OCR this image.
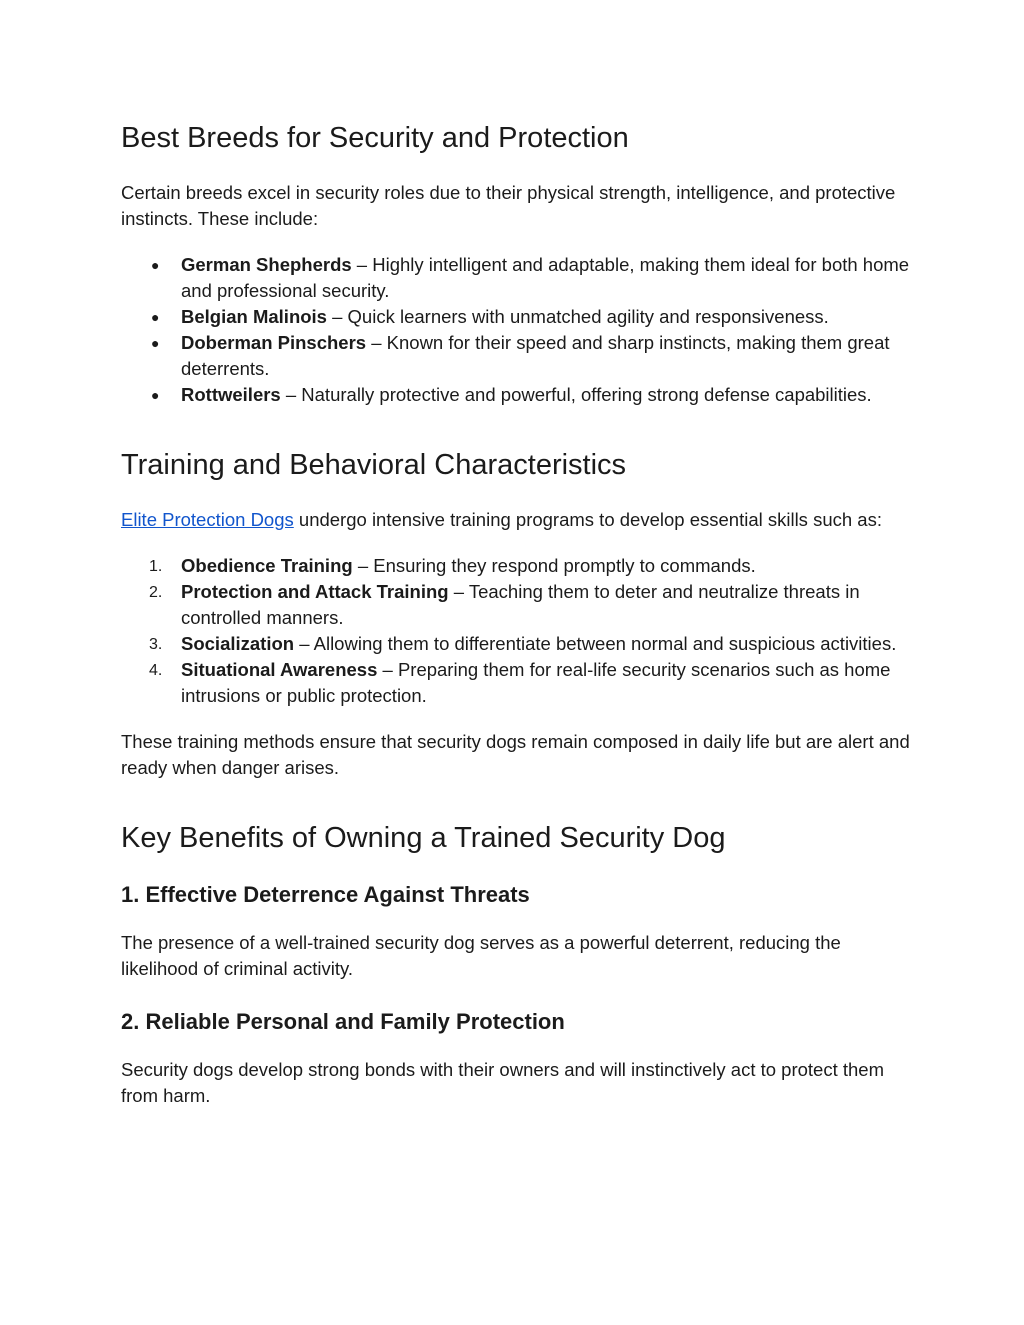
Best Breeds for Security and Protection

Certain breeds excel in security roles due to their physical strength, intelligence, and protective instincts. These include:

● German Shepherds – Highly intelligent and adaptable, making them ideal for both home and professional security.
● Belgian Malinois – Quick learners with unmatched agility and responsiveness.
● Doberman Pinschers – Known for their speed and sharp instincts, making them great deterrents.
● Rottweilers – Naturally protective and powerful, offering strong defense capabilities.
Training and Behavioral Characteristics

Elite Protection Dogs undergo intensive training programs to develop essential skills such as:

1. Obedience Training – Ensuring they respond promptly to commands.
2. Protection and Attack Training – Teaching them to deter and neutralize threats in controlled manners.
3. Socialization – Allowing them to differentiate between normal and suspicious activities.
4. Situational Awareness – Preparing them for real-life security scenarios such as home intrusions or public protection.

These training methods ensure that security dogs remain composed in daily life but are alert and ready when danger arises.

Key Benefits of Owning a Trained Security Dog
1. Effective Deterrence Against Threats

The presence of a well-trained security dog serves as a powerful deterrent, reducing the likelihood of criminal activity.

2. Reliable Personal and Family Protection

Security dogs develop strong bonds with their owners and will instinctively act to protect them from harm.
